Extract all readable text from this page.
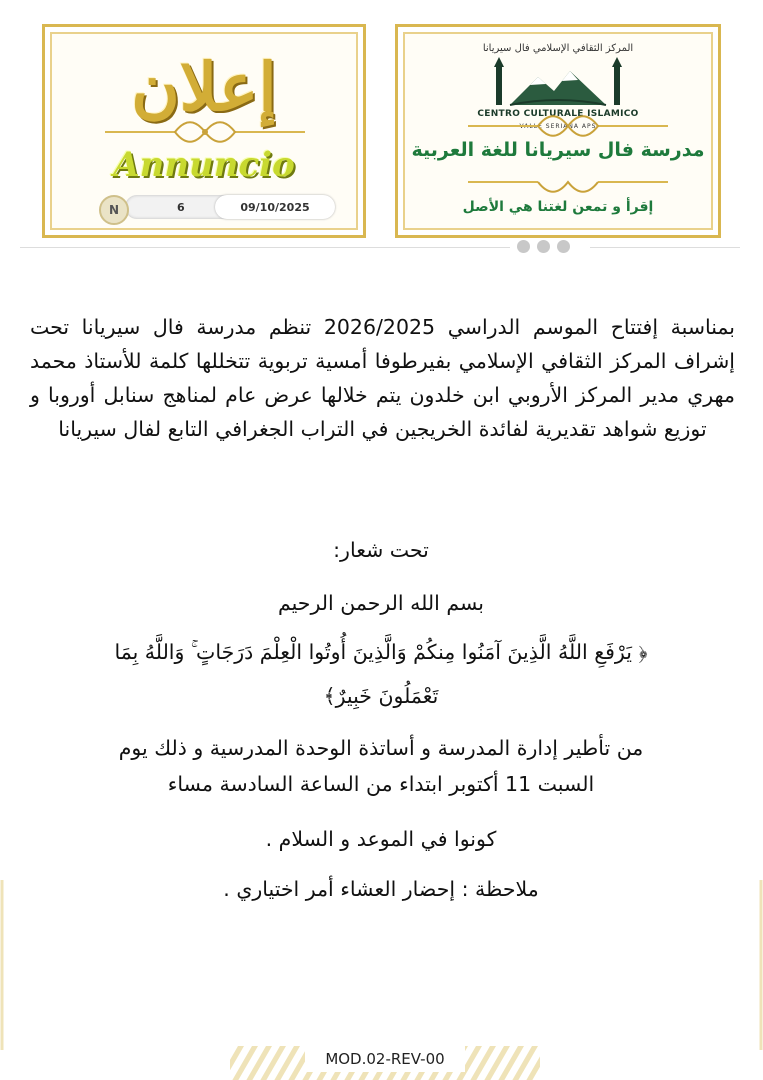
إعلان
Annuncio
6	09/10/2025
N
المركز الثقافي الإسلامي فال سيريانا
CENTRO CULTURALE ISLAMICO
VALLE SERIANA APS
مدرسة فال سيريانا للغة العربية
إقرأ و تمعن لغتنا هي الأصل
بمناسبة إفتتاح الموسم الدراسي 2026/2025 تنظم مدرسة فال سيريانا تحت إشراف المركز الثقافي الإسلامي بفيرطوفا أمسية تربوية تتخللها كلمة للأستاذ محمد مهري مدير المركز الأروبي ابن خلدون يتم خلالها عرض عام لمناهج سنابل أوروبا و توزيع شواهد تقديرية لفائدة الخريجين في التراب الجغرافي التابع لفال سيريانا
تحت شعار:
بسم الله الرحمن الرحيم
﴿ يَرْفَعِ اللَّهُ الَّذِينَ آمَنُوا مِنكُمْ وَالَّذِينَ أُوتُوا الْعِلْمَ دَرَجَاتٍ ۚ وَاللَّهُ بِمَا
تَعْمَلُونَ خَبِيرٌ﴾
من تأطير إدارة المدرسة و أساتذة الوحدة المدرسية و ذلك يوم
السبت 11 أكتوبر ابتداء من الساعة السادسة مساء
كونوا في الموعد و السلام .
ملاحظة : إحضار العشاء أمر اختياري .
MOD.02-REV-00
